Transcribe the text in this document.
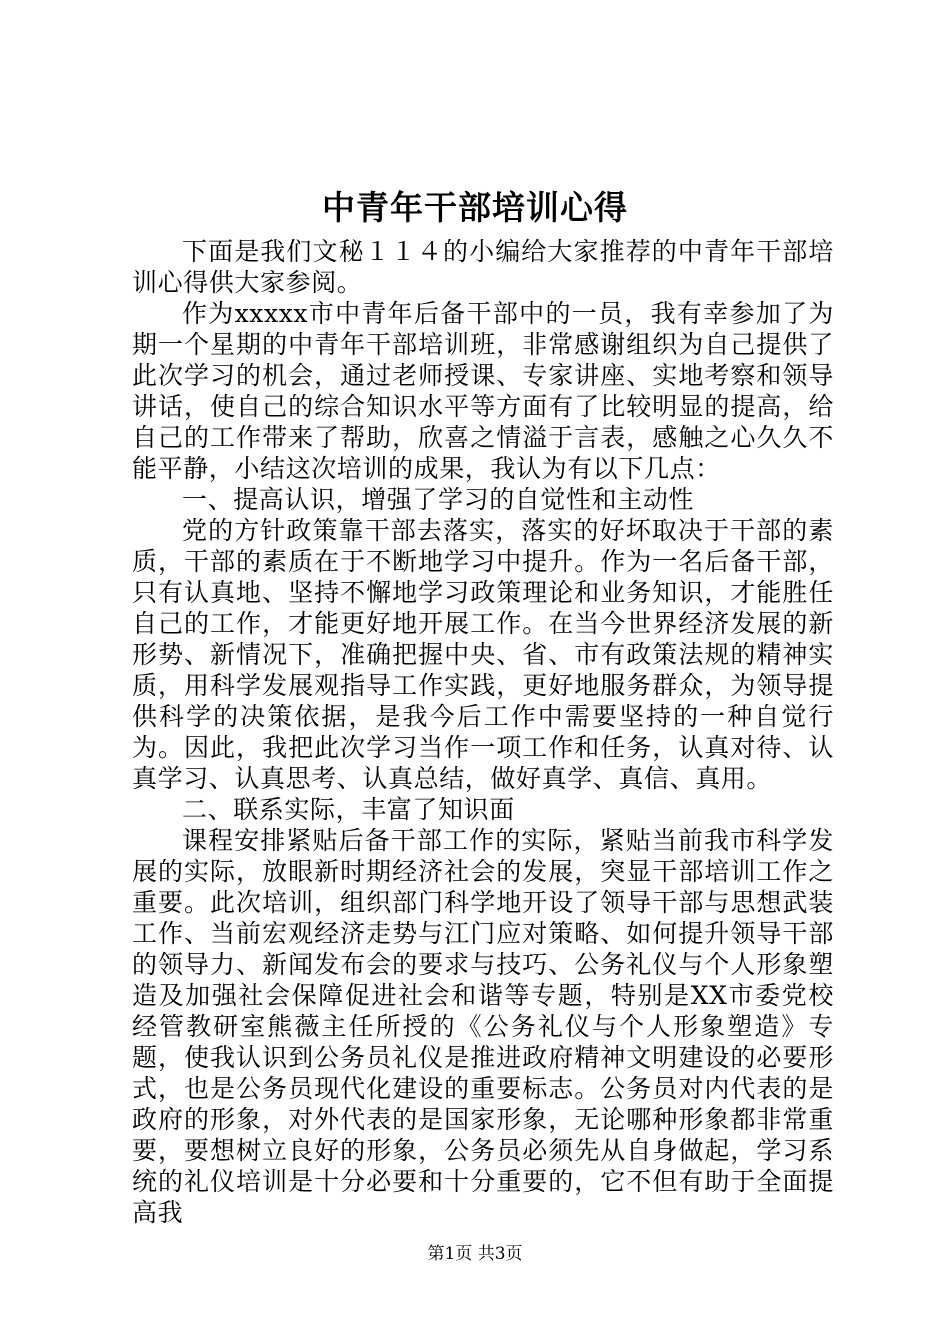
中青年干部培训心得

下面是我们文秘１１４的小编给大家推荐的中青年干部培训心得供大家参阅。

作为xxxxx市中青年后备干部中的一员，我有幸参加了为期一个星期的中青年干部培训班，非常感谢组织为自己提供了此次学习的机会，通过老师授课、专家讲座、实地考察和领导讲话，使自己的综合知识水平等方面有了比较明显的提高，给自己的工作带来了帮助，欣喜之情溢于言表，感触之心久久不能平静，小结这次培训的成果，我认为有以下几点：

一、提高认识，增强了学习的自觉性和主动性

党的方针政策靠干部去落实，落实的好坏取决于干部的素质，干部的素质在于不断地学习中提升。作为一名后备干部，只有认真地、坚持不懈地学习政策理论和业务知识，才能胜任自己的工作，才能更好地开展工作。在当今世界经济发展的新形势、新情况下，准确把握中央、省、市有政策法规的精神实质，用科学发展观指导工作实践，更好地服务群众，为领导提供科学的决策依据，是我今后工作中需要坚持的一种自觉行为。因此，我把此次学习当作一项工作和任务，认真对待、认真学习、认真思考、认真总结，做好真学、真信、真用。

二、联系实际，丰富了知识面

课程安排紧贴后备干部工作的实际，紧贴当前我市科学发展的实际，放眼新时期经济社会的发展，突显干部培训工作之重要。此次培训，组织部门科学地开设了领导干部与思想武装工作、当前宏观经济走势与江门应对策略、如何提升领导干部的领导力、新闻发布会的要求与技巧、公务礼仪与个人形象塑造及加强社会保障促进社会和谐等专题，特别是XX市委党校经管教研室熊薇主任所授的《公务礼仪与个人形象塑造》专题，使我认识到公务员礼仪是推进政府精神文明建设的必要形式，也是公务员现代化建设的重要标志。公务员对内代表的是政府的形象，对外代表的是国家形象，无论哪种形象都非常重要，要想树立良好的形象，公务员必须先从自身做起，学习系统的礼仪培训是十分必要和十分重要的，它不但有助于全面提高我

第1页 共3页
